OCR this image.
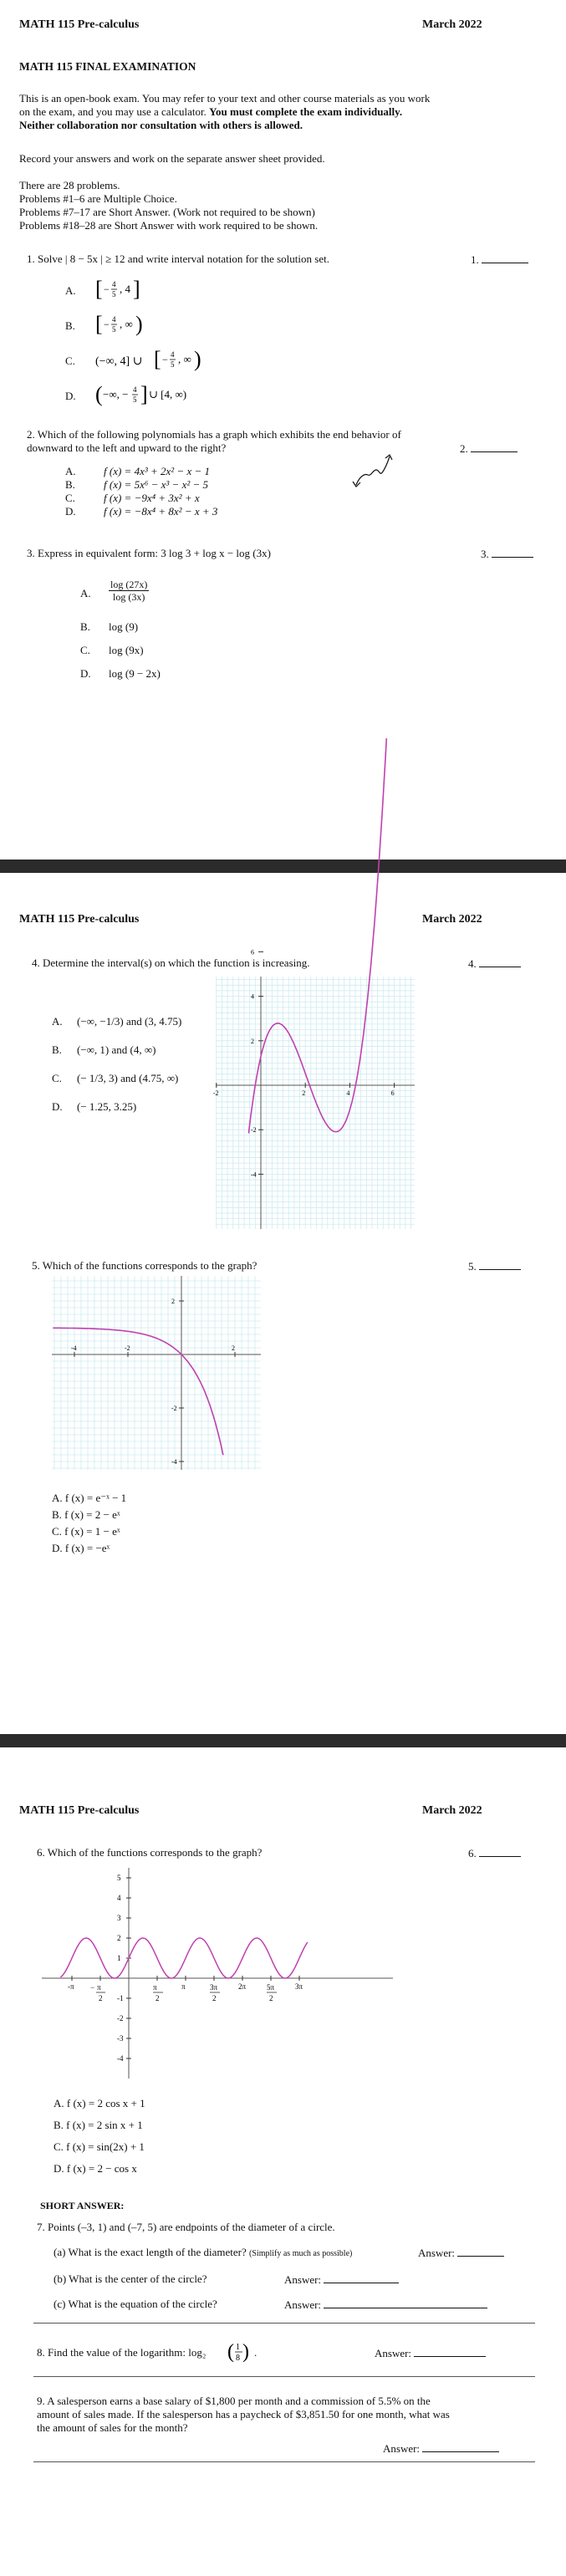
MATH 115 Pre-calculus	March 2022
MATH 115 FINAL EXAMINATION
This is an open-book exam. You may refer to your text and other course materials as you work
on the exam, and you may use a calculator. You must complete the exam individually.
Neither collaboration nor consultation with others is allowed.
Record your answers and work on the separate answer sheet provided.
There are 28 problems.
Problems #1–6 are Multiple Choice.
Problems #7–17 are Short Answer. (Work not required to be shown)
Problems #18–28 are Short Answer with work required to be shown.
1. Solve | 8 − 5x | ≥ 12 and write interval notation for the solution set.	1.
A. [ − 4
5 , 4 ]
B. [ − 4
5 , ∞ )
C. (−∞, 4] ∪ [ − 4
5 , ∞ )
D. ( −∞, − 4
5 ] ∪ [4, ∞)
2. Which of the following polynomials has a graph which exhibits the end behavior of
downward to the left and upward to the right?	2.
A.	f (x) = 4x³ + 2x² − x − 1
B.	f (x) = 5x⁶ − x³ − x² − 5
C.	f (x) = −9x⁴ + 3x² + x
D.	f (x) = −8x⁴ + 8x² − x + 3
3. Express in equivalent form: 3 log 3 + log x − log (3x)	3.
A.
log (27x)
log (3x)
B. log (9)
C. log (9x)
D. log (9 − 2x)
MATH 115 Pre-calculus	March 2022
4. Determine the interval(s) on which the function is increasing.	4.
A. (−∞, −1/3) and (3, 4.75)
B. (−∞, 1) and (4, ∞)
C. (− 1/3, 3) and (4.75, ∞)
D. (− 1.25, 3.25)
-2	2	4	6
6
4
2
-2
-4
5. Which of the functions corresponds to the graph?	5.
-4	-2	2
2
-2
-4
A. f (x) = e⁻ˣ − 1
B. f (x) = 2 − eˣ
C. f (x) = 1 − eˣ
D. f (x) = −eˣ
MATH 115 Pre-calculus	March 2022
6. Which of the functions corresponds to the graph?	6.
-π	π	2π	3π
π
2
3π
2
5π
2
− π
2
5
4
3
2
1
-1
-2
-3
-4
A. f (x) = 2 cos x + 1
B. f (x) = 2 sin x + 1
C. f (x) = sin(2x) + 1
D. f (x) = 2 − cos x
SHORT ANSWER:
7. Points (–3, 1) and (–7, 5) are endpoints of the diameter of a circle.
(a) What is the exact length of the diameter? (Simplify as much as possible)	Answer:
(b) What is the center of the circle?	Answer:
(c) What is the equation of the circle?	Answer:
8. Find the value of the logarithm: log₂ ( 1
8 ) .	Answer:
9. A salesperson earns a base salary of $1,800 per month and a commission of 5.5% on the
amount of sales made. If the salesperson has a paycheck of $3,851.50 for one month, what was
the amount of sales for the month?
Answer:
